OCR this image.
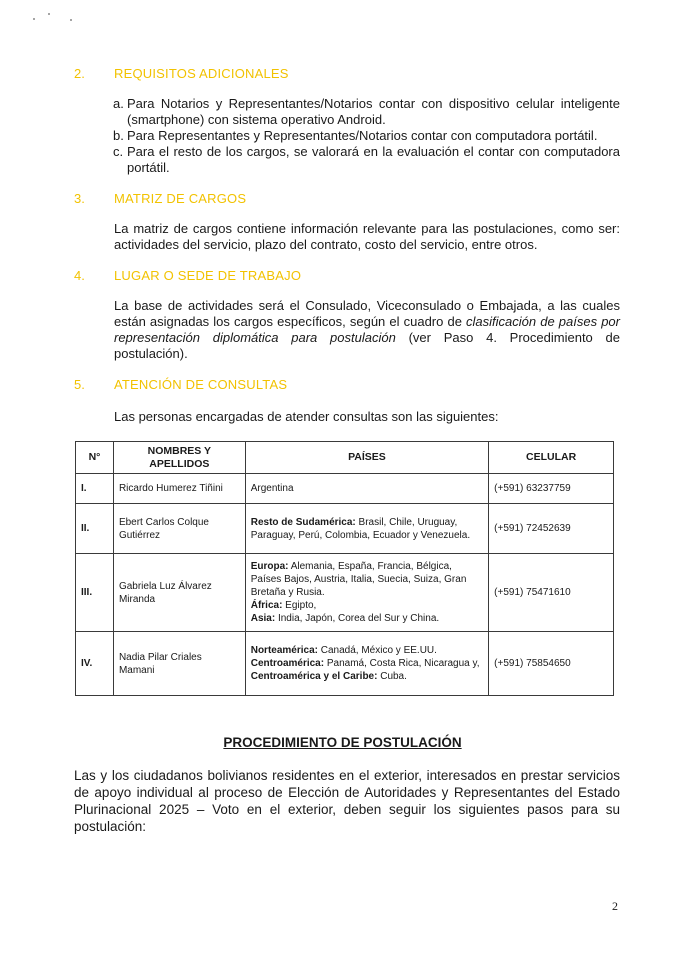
2. REQUISITOS ADICIONALES
a. Para Notarios y Representantes/Notarios contar con dispositivo celular inteligente (smartphone) con sistema operativo Android.
b. Para Representantes y Representantes/Notarios contar con computadora portátil.
c. Para el resto de los cargos, se valorará en la evaluación el contar con computadora portátil.
3. MATRIZ DE CARGOS
La matriz de cargos contiene información relevante para las postulaciones, como ser: actividades del servicio, plazo del contrato, costo del servicio, entre otros.
4. LUGAR O SEDE DE TRABAJO
La base de actividades será el Consulado, Viceconsulado o Embajada, a las cuales están asignadas los cargos específicos, según el cuadro de clasificación de países por representación diplomática para postulación (ver Paso 4. Procedimiento de postulación).
5. ATENCIÓN DE CONSULTAS
Las personas encargadas de atender consultas son las siguientes:
N°	NOMBRES Y APELLIDOS	PAÍSES	CELULAR
I.	Ricardo Humerez Tiñini	Argentina	(+591) 63237759
II.	Ebert Carlos Colque Gutiérrez	Resto de Sudamérica: Brasil, Chile, Uruguay, Paraguay, Perú, Colombia, Ecuador y Venezuela.	(+591) 72452639
III.	Gabriela Luz Álvarez Miranda	Europa: Alemania, España, Francia, Bélgica, Países Bajos, Austria, Italia, Suecia, Suiza, Gran Bretaña y Rusia.
África: Egipto,
Asia: India, Japón, Corea del Sur y China.	(+591) 75471610
IV.	Nadia Pilar Criales Mamani	Norteamérica: Canadá, México y EE.UU.
Centroamérica: Panamá, Costa Rica, Nicaragua y,
Centroamérica y el Caribe: Cuba.	(+591) 75854650
PROCEDIMIENTO DE POSTULACIÓN
Las y los ciudadanos bolivianos residentes en el exterior, interesados en prestar servicios de apoyo individual al proceso de Elección de Autoridades y Representantes del Estado Plurinacional 2025 – Voto en el exterior, deben seguir los siguientes pasos para su postulación:
2
